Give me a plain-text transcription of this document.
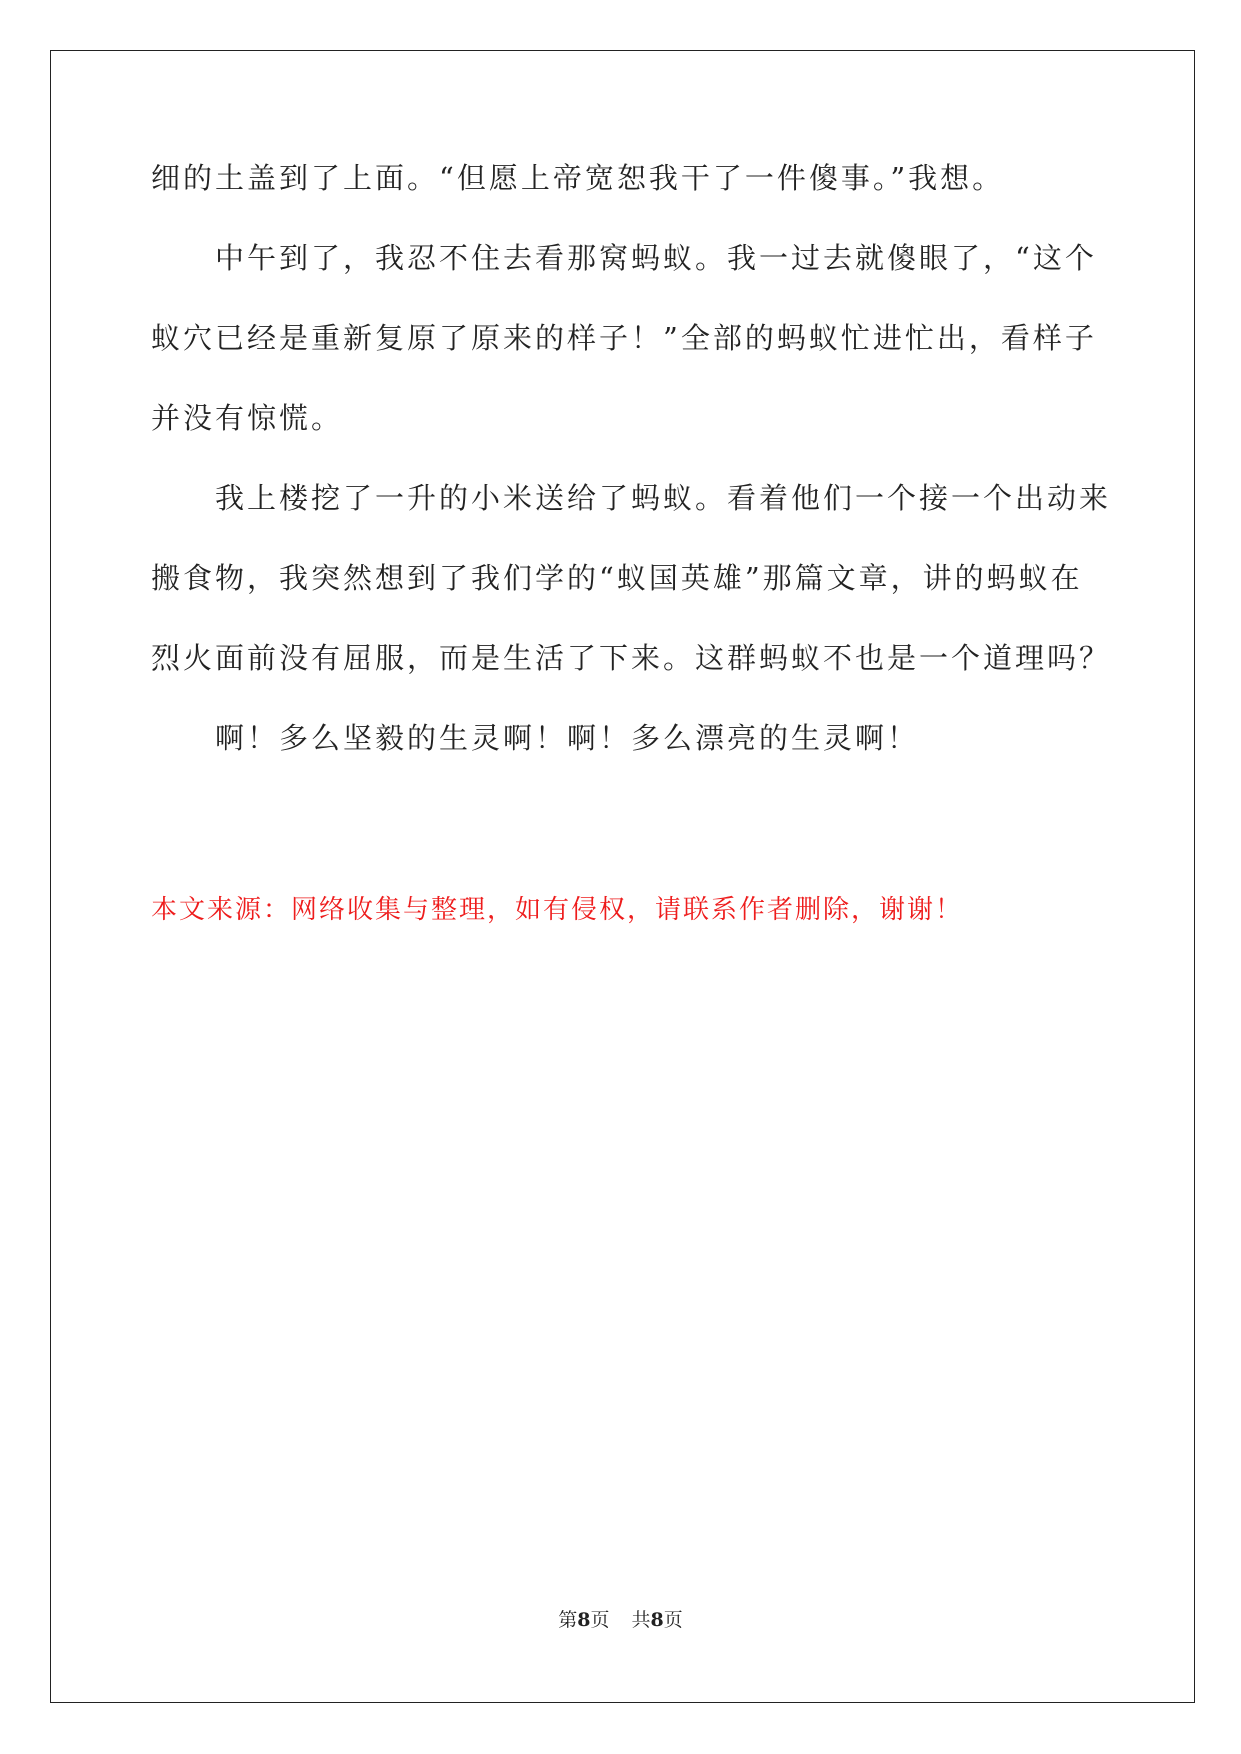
细的土盖到了上面。“但愿上帝宽恕我干了一件傻事。”我想。
中午到了，我忍不住去看那窝蚂蚁。我一过去就傻眼了，“这个
蚁穴已经是重新复原了原来的样子！”全部的蚂蚁忙进忙出，看样子
并没有惊慌。
我上楼挖了一升的小米送给了蚂蚁。看着他们一个接一个出动来
搬食物，我突然想到了我们学的“蚁国英雄”那篇文章，讲的蚂蚁在
烈火面前没有屈服，而是生活了下来。这群蚂蚁不也是一个道理吗？
啊！多么坚毅的生灵啊！啊！多么漂亮的生灵啊！
本文来源：网络收集与整理，如有侵权，请联系作者删除，谢谢！
第8页 共8页
